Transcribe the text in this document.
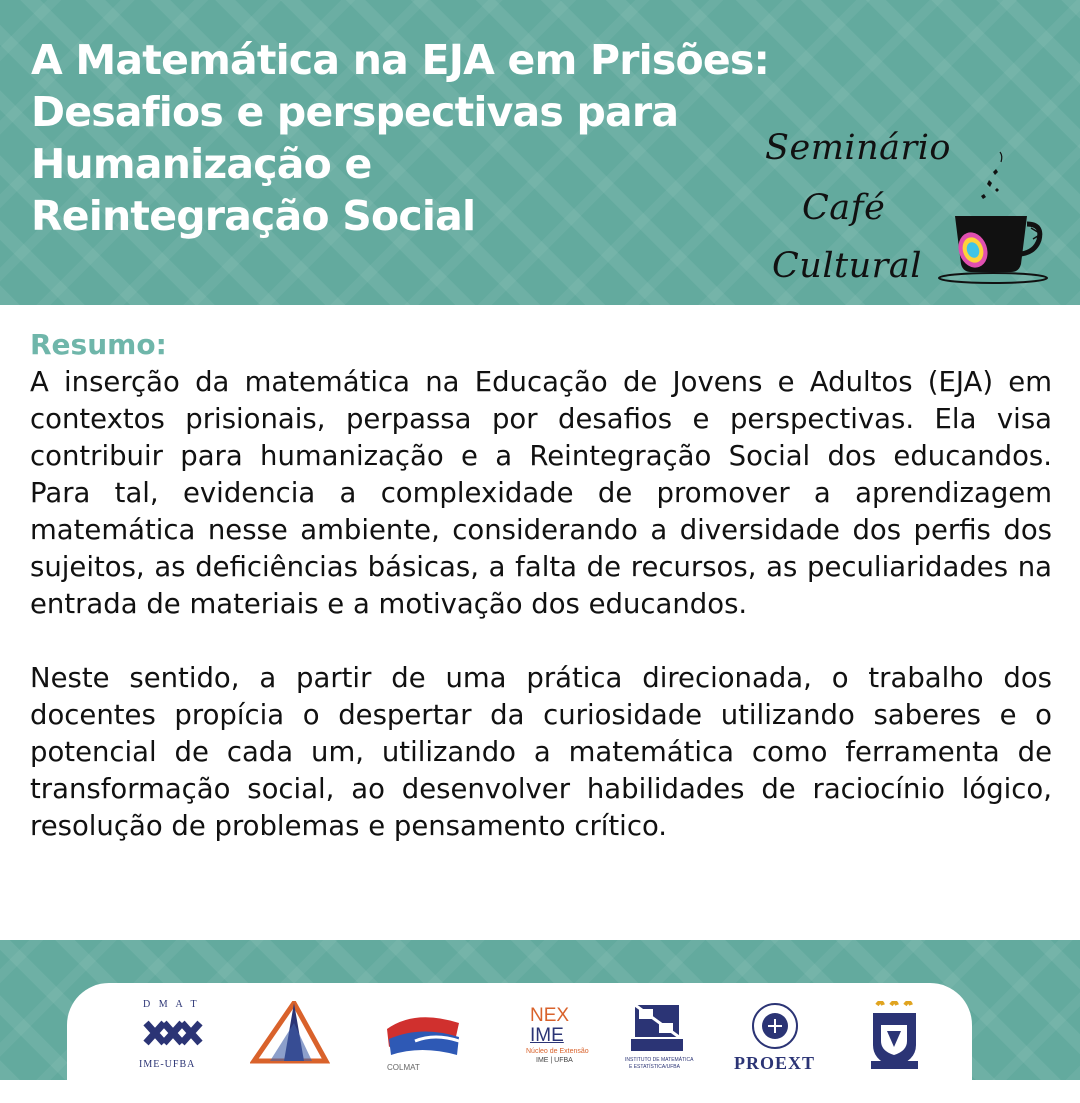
A Matemática na EJA em Prisões:
Desafios e perspectivas para
Humanização e
Reintegração Social
Seminário
Café
Cultural

Resumo:

A inserção da matemática na Educação de Jovens e Adultos (EJA) em contextos prisionais, perpassa por desafios e perspectivas. Ela visa contribuir para humanização e a Reintegração Social dos educandos. Para tal, evidencia a complexidade de promover a aprendizagem matemática nesse ambiente, considerando a diversidade dos perfis dos sujeitos, as deficiências básicas, a falta de recursos, as peculiaridades na entrada de materiais e a motivação dos educandos.

Neste sentido, a partir de uma prática direcionada, o trabalho dos docentes propícia o despertar da curiosidade utilizando saberes e o potencial de cada um, utilizando a matemática como ferramenta de transformação social, ao desenvolver habilidades de raciocínio lógico, resolução de problemas e pensamento crítico.

D M A T
IME-UFBA	COLMAT
NEX
IME
Núcleo de Extensão
IME | UFBA	INSTITUTO DE MATEMÁTICA
E ESTATÍSTICA/UFBA	PROEXT
